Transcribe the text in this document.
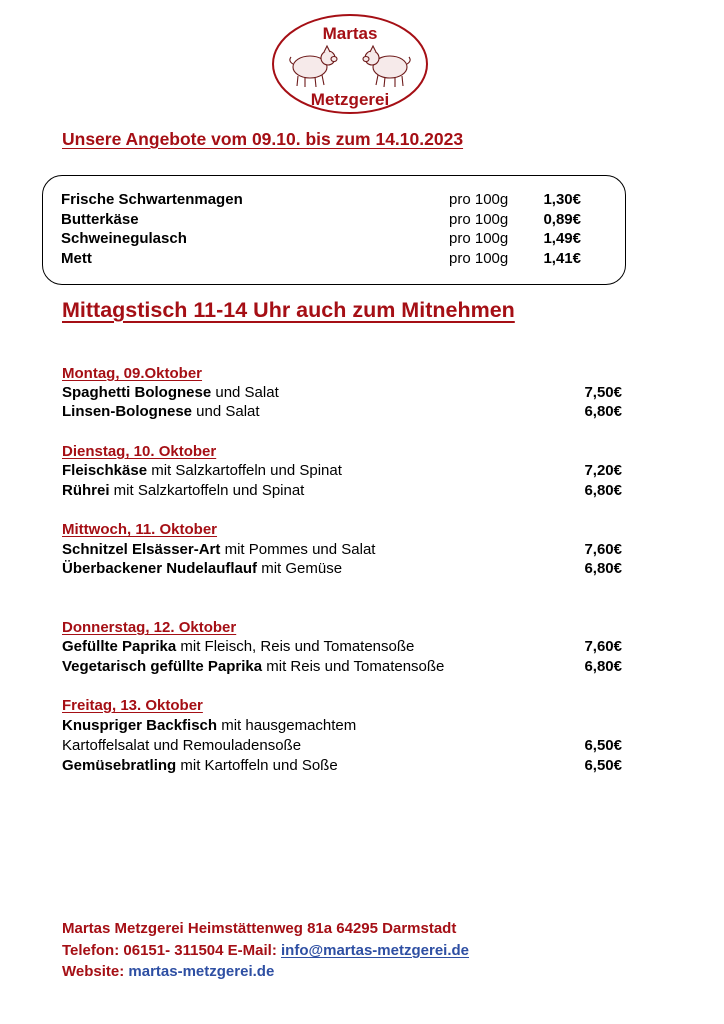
Martas
Metzgerei
Unsere Angebote vom 09.10. bis zum 14.10.2023
Frische Schwartenmagen	pro 100g	1,30€
Butterkäse	pro 100g	0,89€
Schweinegulasch	pro 100g	1,49€
Mett	pro 100g	1,41€
Mittagstisch 11-14 Uhr auch zum Mitnehmen
Montag, 09.Oktober
Spaghetti Bolognese und Salat	7,50€
Linsen-Bolognese und Salat	6,80€
Dienstag, 10. Oktober
Fleischkäse mit Salzkartoffeln und Spinat	7,20€
Rührei mit Salzkartoffeln und Spinat	6,80€
Mittwoch, 11. Oktober
Schnitzel Elsässer-Art mit Pommes und Salat	7,60€
Überbackener Nudelauflauf mit Gemüse	6,80€
Donnerstag, 12. Oktober
Gefüllte Paprika mit Fleisch, Reis und Tomatensoße	7,60€
Vegetarisch gefüllte Paprika mit Reis und Tomatensoße	6,80€
Freitag, 13. Oktober
Knuspriger Backfisch mit hausgemachtem
Kartoffelsalat und Remouladensoße	6,50€
Gemüsebratling mit Kartoffeln und Soße	6,50€
Martas Metzgerei Heimstättenweg 81a 64295 Darmstadt
Telefon: 06151- 311504 E-Mail: info@martas-metzgerei.de
Website: martas-metzgerei.de
